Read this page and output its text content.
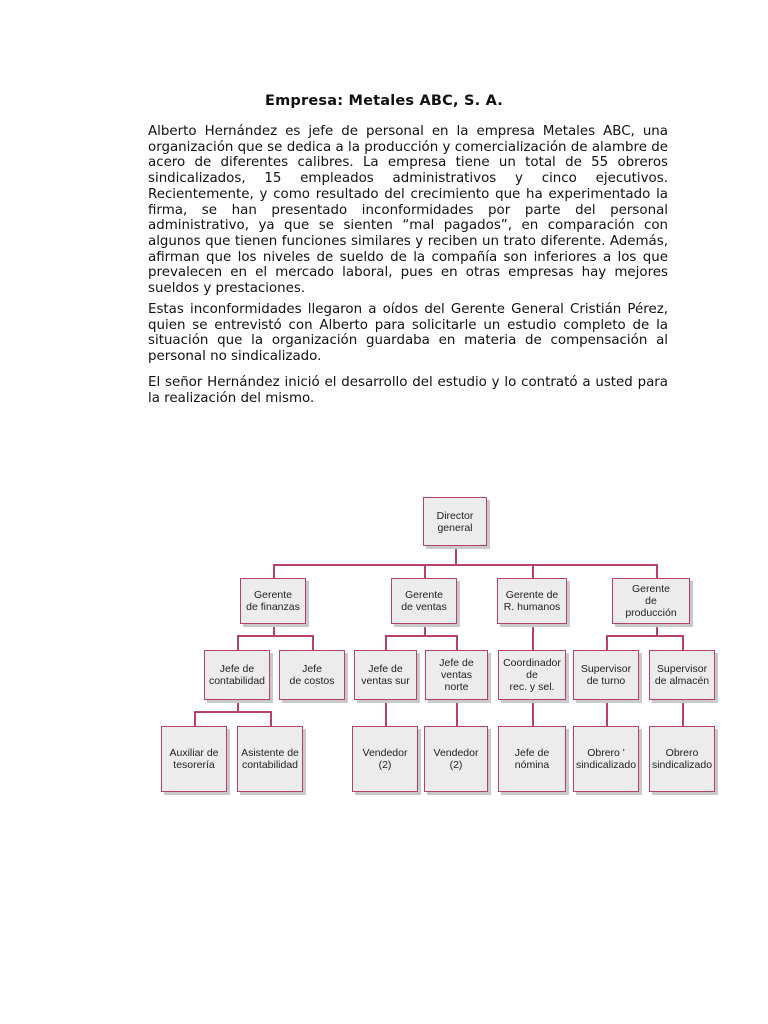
Empresa: Metales ABC, S. A.

Alberto Hernández es jefe de personal en la empresa Metales ABC, una organización que se dedica a la producción y comercialización de alambre de acero de diferentes calibres. La empresa tiene un total de 55 obreros sindicalizados, 15 empleados administrativos y cinco ejecutivos. Recientemente, y como resultado del crecimiento que ha experimentado la firma, se han presentado inconformidades por parte del personal administrativo, ya que se sienten “mal pagados”, en comparación con algunos que tienen funciones similares y reciben un trato diferente. Además, afirman que los niveles de sueldo de la compañía son inferiores a los que prevalecen en el mercado laboral, pues en otras empresas hay mejores sueldos y prestaciones.

Estas inconformidades llegaron a oídos del Gerente General Cristián Pérez, quien se entrevistó con Alberto para solicitarle un estudio completo de la situación que la organización guardaba en materia de compensación al personal no sindicalizado.

El señor Hernández inició el desarrollo del estudio y lo contrató a usted para la realización del mismo.

Director
general
Gerente
de finanzas
Gerente
de ventas
Gerente de
R. humanos
Gerente
de
producción
Jefe de
contabilidad
Jefe
de costos
Jefe de
ventas sur
Jefe de
ventas norte
Coordinador
de
rec. y sel.
Supervisor
de turno
Supervisor
de almacén
Auxiliar de
tesorería
Asistente de
contabilidad
Vendedor
(2)
Vendedor
(2)
Jefe de
nómina
Obrero '
sindicalizado
Obrero
sindicalizado
